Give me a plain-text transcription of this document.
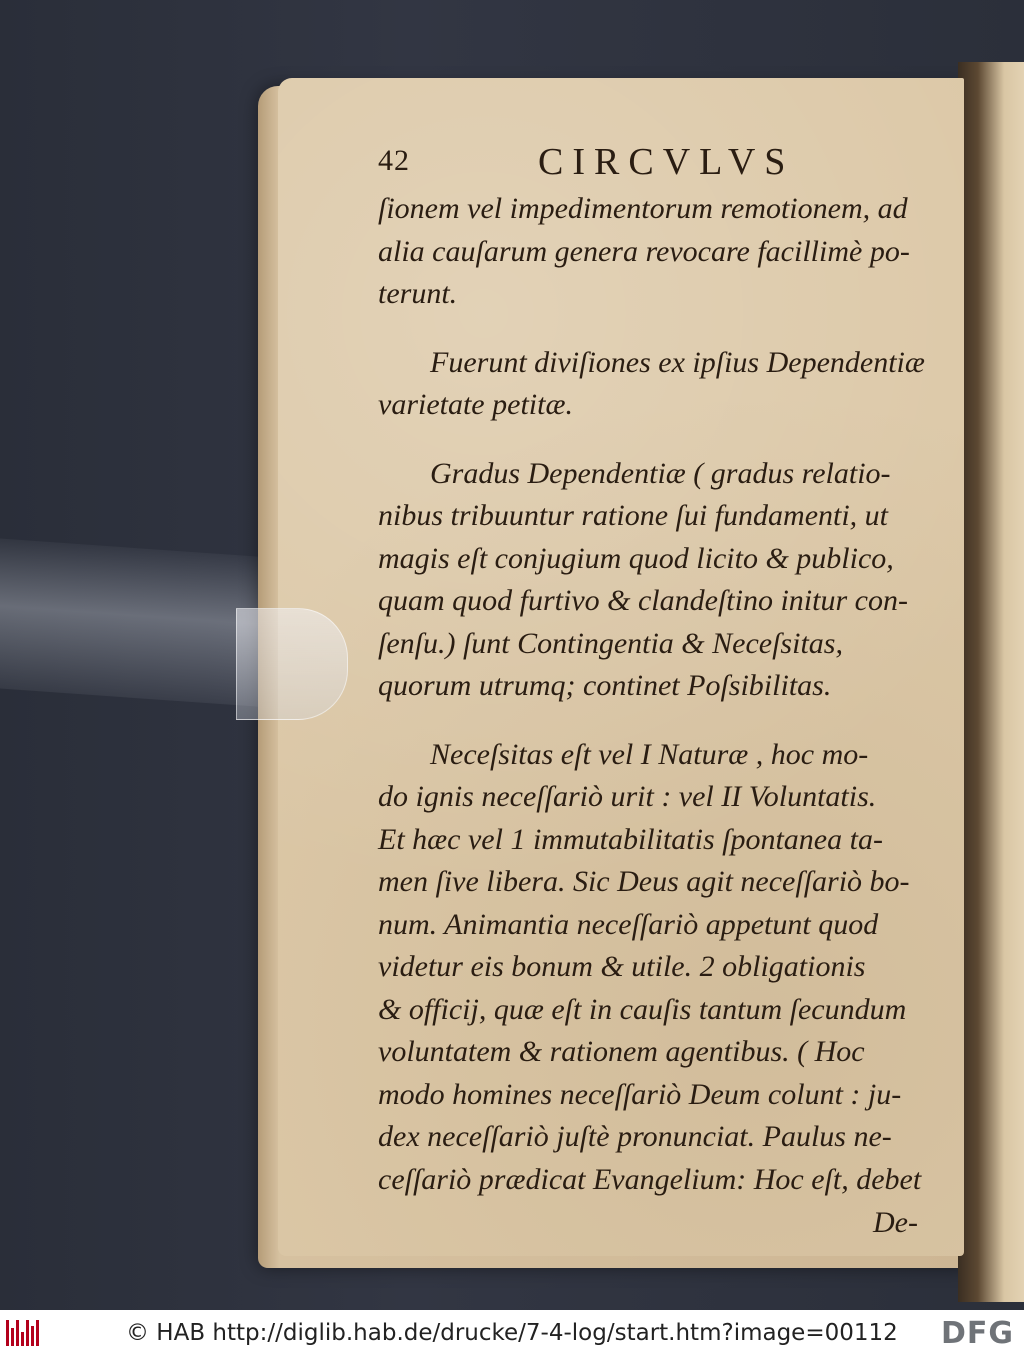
42	CIRCVLVS
ſionem vel impedimentorum remotionem, ad
alia cauſarum genera revocare facillimè po-
terunt.
Fuerunt diviſiones ex ipſius Dependentiæ
varietate petitæ.
Gradus Dependentiæ ( gradus relatio-
nibus tribuuntur ratione ſui fundamenti, ut
magis eſt conjugium quod licito & publico,
quam quod furtivo & clandeſtino initur con-
ſenſu.) ſunt Contingentia & Neceſsitas,
quorum utrumq; continet Poſsibilitas.
Neceſsitas eſt vel I Naturæ , hoc mo-
do ignis neceſſariò urit : vel II Voluntatis.
Et hæc vel 1 immutabilitatis ſpontanea ta-
men ſive libera. Sic Deus agit neceſſariò bo-
num. Animantia neceſſariò appetunt quod
videtur eis bonum & utile. 2 obligationis
& officij, quæ eſt in cauſis tantum ſecundum
voluntatem & rationem agentibus. ( Hoc
modo homines neceſſariò Deum colunt : ju-
dex neceſſariò juſtè pronunciat. Paulus ne-
ceſſariò prædicat Evangelium: Hoc eſt, debet
De-
© HAB http://diglib.hab.de/drucke/7-4-log/start.htm?image=00112 DFG
